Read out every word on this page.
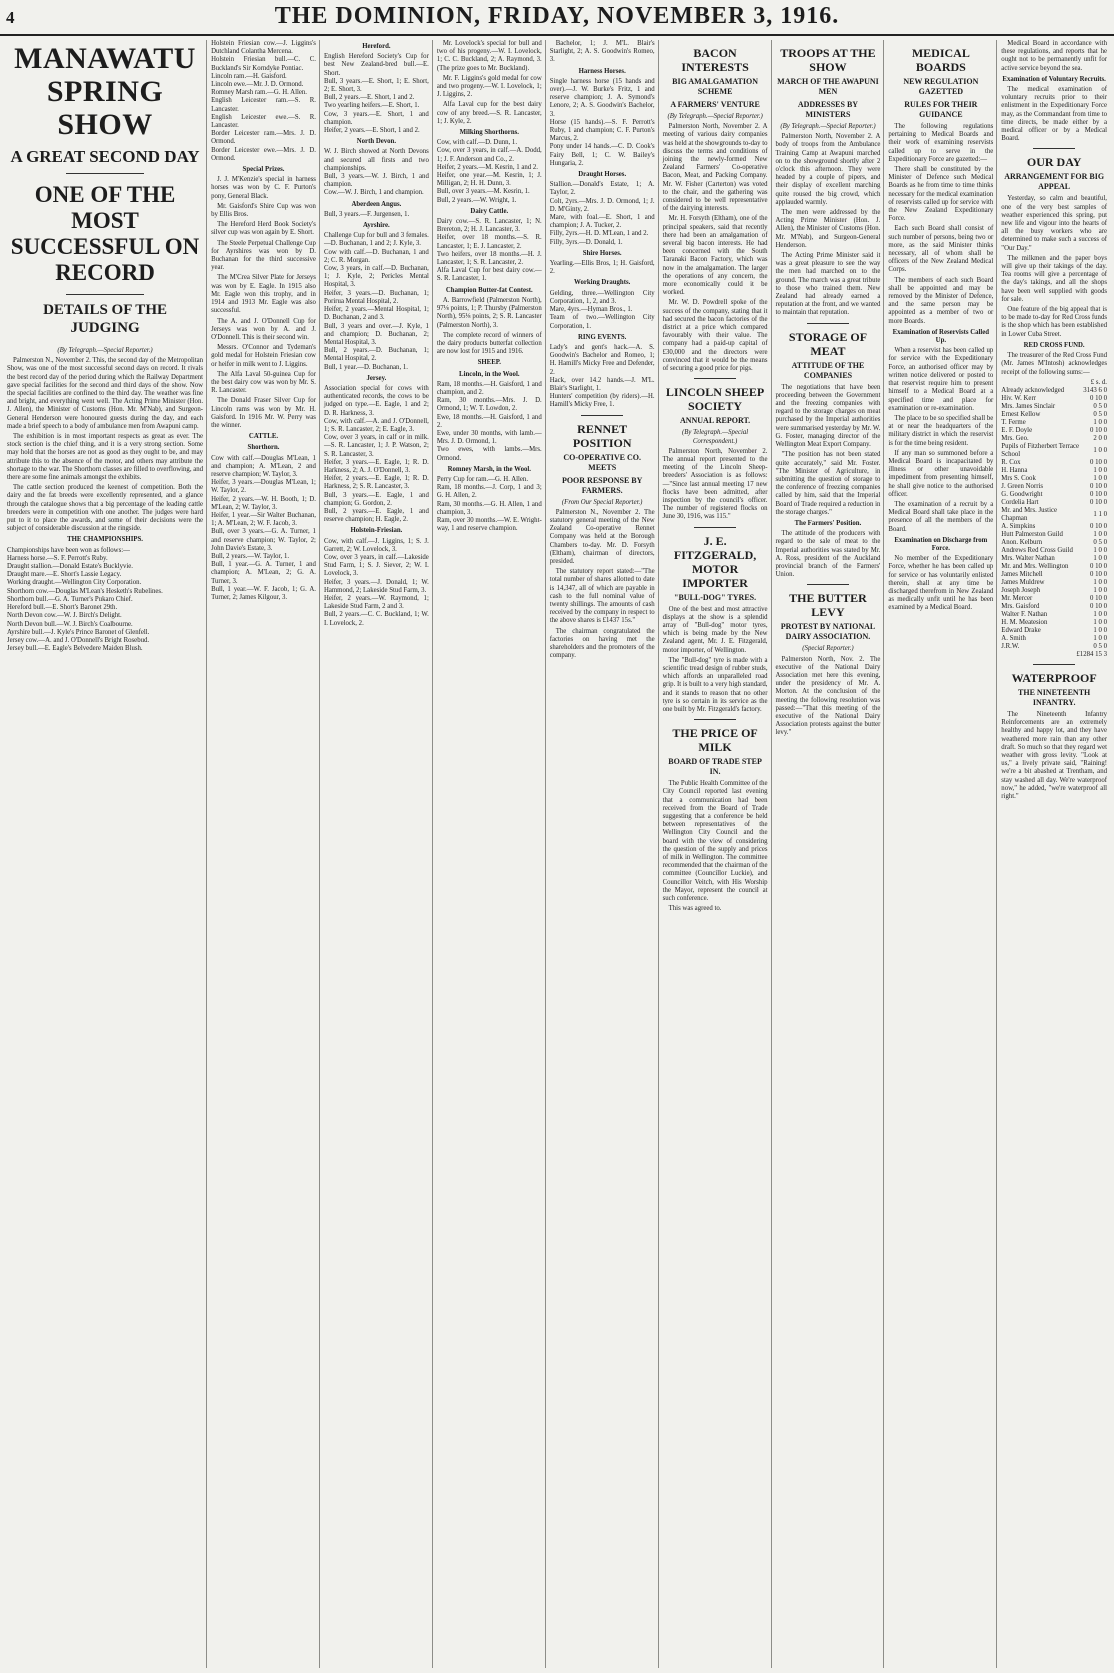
4	THE DOMINION, FRIDAY, NOVEMBER 3, 1916.
MANAWATU SPRING SHOW
A GREAT SECOND DAY
ONE OF THE MOST SUCCESSFUL ON RECORD
DETAILS OF THE JUDGING

(By Telegraph.—Special Reporter.)

Palmerston N., November 2. This, the second day of the Metropolitan Show, was one of the most successful second days on record. It rivals the best record day of the period during which the Railway Department gave special facilities for the second and third days of the show. Now the special facilities are confined to the third day. The weather was fine and bright, and everything went well. The Acting Prime Minister (Hon. J. Allen), the Minister of Customs (Hon. Mr. M'Nab), and Surgeon-General Henderson were honoured guests during the day, and each made a brief speech to a body of ambulance men from Awapuni camp.

The exhibition is in most important respects as great as ever. The stock section is the chief thing, and it is a very strong section. Some may hold that the horses are not as good as they ought to be, and may attribute this to the absence of the motor, and others may attribute the shortage to the war. The Shorthorn classes are filled to overflowing, and there are some fine animals amongst the exhibits.

The cattle section produced the keenest of competition. Both the dairy and the fat breeds were excellently represented, and a glance through the catalogue shows that a big percentage of the leading cattle breeders were in competition with one another. The judges were hard put to it to place the awards, and some of their decisions were the subject of considerable discussion at the ringside.

THE CHAMPIONSHIPS.

Championships have been won as follows:—

Harness horse.—S. F. Perrott's Ruby.

Draught stallion.—Donald Estate's Bucklyvie.

Draught mare.—E. Short's Lassie Legacy.

Working draught.—Wellington City Corporation.

Shorthorn cow.—Douglas M'Lean's Hesketh's Rubelines.

Shorthorn bull.—G. A. Turner's Pukaro Chief.

Hereford bull.—E. Short's Baronet 29th.

North Devon cow.—W. J. Birch's Delight.

North Devon bull.—W. J. Birch's Coalbourne.

Ayrshire bull.—J. Kyle's Prince Baronet of Glenfell.

Jersey cow.—A. and J. O'Donnell's Bright Rosebud.

Jersey bull.—E. Eagle's Belvedere Maiden Blush.

Holstein Friesian cow.—J. Liggins's Dutchland Colantha Mercena.

Holstein Friesian bull.—C. C. Buckland's Sir Korndyke Pontiac.

Lincoln ram.—H. Gaisford.

Lincoln ewe.—Mr. J. D. Ormond.

Romney Marsh ram.—G. H. Allen.

English Leicester ram.—S. R. Lancaster.

English Leicester ewe.—S. R. Lancaster.

Border Leicester ram.—Mrs. J. D. Ormond.

Border Leicester ewe.—Mrs. J. D. Ormond.

Special Prizes.

J. J. M'Kenzie's special in harness horses was won by C. F. Purton's pony, General Black.

Mr. Gaisford's Shire Cup was won by Ellis Bros.

The Hereford Herd Book Society's silver cup was won again by E. Short.

The Steele Perpetual Challenge Cup for Ayrshires was won by D. Buchanan for the third successive year.

The M'Crea Silver Plate for Jerseys was won by E. Eagle. In 1915 also Mr. Eagle won this trophy, and in 1914 and 1913 Mr. Eagle was also successful.

The A. and J. O'Donnell Cup for Jerseys was won by A. and J. O'Donnell. This is their second win.

Messrs. O'Connor and Tydeman's gold medal for Holstein Friesian cow or heifer in milk went to J. Liggins.

The Alfa Laval 50-guinea Cup for the best dairy cow was won by Mr. S. R. Lancaster.

The Donald Fraser Silver Cup for Lincoln rams was won by Mr. H. Gaisford. In 1916 Mr. W. Perry was the winner.

CATTLE.

Shorthorn.

Cow with calf.—Douglas M'Lean, 1 and champion; A. M'Lean, 2 and reserve champion; W. Taylor, 3.

Heifer, 3 years.—Douglas M'Lean, 1; W. Taylor, 2.

Heifer, 2 years.—W. H. Booth, 1; D. M'Lean, 2; W. Taylor, 3.

Heifer, 1 year.—Sir Walter Buchanan, 1; A. M'Lean, 2; W. F. Jacob, 3.

Bull, over 3 years.—G. A. Turner, 1 and reserve champion; W. Taylor, 2; John Davie's Estate, 3.

Bull, 2 years.—W. Taylor, 1.

Bull, 1 year.—G. A. Turner, 1 and champion; A. M'Lean, 2; G. A. Turner, 3.

Bull, 1 year.—W. F. Jacob, 1; G. A. Turner, 2; James Kilgour, 3.

Hereford.

English Hereford Society's Cup for best New Zealand-bred bull.—E. Short.

Bull, 3 years.—E. Short, 1; E. Short, 2; E. Short, 3.

Bull, 2 years.—E. Short, 1 and 2.

Two yearling heifers.—E. Short, 1.

Cow, 3 years.—E. Short, 1 and champion.

Heifer, 2 years.—E. Short, 1 and 2.

North Devon.

W. J. Birch showed at North Devons and secured all firsts and two championships.

Bull, 3 years.—W. J. Birch, 1 and champion.

Cow.—W. J. Birch, 1 and champion.

Aberdeen Angus.

Bull, 3 years.—F. Jurgensen, 1.

Ayrshire.

Challenge Cup for bull and 3 females.—D. Buchanan, 1 and 2; J. Kyle, 3.

Cow with calf.—D. Buchanan, 1 and 2; C. R. Morgan.

Cow, 3 years, in calf.—D. Buchanan, 1; J. Kyle, 2; Pericles Mental Hospital, 3.

Heifer, 3 years.—D. Buchanan, 1; Porirua Mental Hospital, 2.

Heifer, 2 years.—Mental Hospital, 1; D. Buchanan, 2 and 3.

Bull, 3 years and over.—J. Kyle, 1 and champion; D. Buchanan, 2; Mental Hospital, 3.

Bull, 2 years.—D. Buchanan, 1; Mental Hospital, 2.

Bull, 1 year.—D. Buchanan, 1.

Jersey.

Association special for cows with authenticated records, the cows to be judged on type.—E. Eagle, 1 and 2; D. R. Harkness, 3.

Cow, with calf.—A. and J. O'Donnell, 1; S. R. Lancaster, 2; E. Eagle, 3.

Cow, over 3 years, in calf or in milk.—S. R. Lancaster, 1; J. P. Watson, 2; S. R. Lancaster, 3.

Heifer, 3 years.—E. Eagle, 1; R. D. Harkness, 2; A. J. O'Donnell, 3.

Heifer, 2 years.—E. Eagle, 1; R. D. Harkness, 2; S. R. Lancaster, 3.

Bull, 3 years.—E. Eagle, 1 and champion; G. Gordon, 2.

Bull, 2 years.—E. Eagle, 1 and reserve champion; H. Eagle, 2.

Holstein-Friesian.

Cow, with calf.—J. Liggins, 1; S. J. Garrett, 2; W. Lovelock, 3.

Cow, over 3 years, in calf.—Lakeside Stud Farm, 1; S. J. Siever, 2; W. I. Lovelock, 3.

Heifer, 3 years.—J. Donald, 1; W. Hammond, 2; Lakeside Stud Farm, 3.

Heifer, 2 years.—W. Raymond, 1; Lakeside Stud Farm, 2 and 3.

Bull, 2 years.—C. C. Buckland, 1; W. I. Lovelock, 2.

Mr. Lovelock's special for bull and two of his progeny.—W. I. Lovelock, 1; C. C. Buckland, 2; A. Raymond, 3. (The prize goes to Mr. Buckland).

Mr. F. Liggins's gold medal for cow and two progeny.—W. I. Lovelock, 1; J. Liggins, 2.

Alfa Laval cup for the best dairy cow of any breed.—S. R. Lancaster, 1; J. Kyle, 2.

Milking Shorthorns.

Cow, with calf.—D. Dunn, 1.

Cow, over 3 years, in calf.—A. Dodd, 1; J. F. Anderson and Co., 2.

Heifer, 2 years.—M. Kesrin, 1 and 2.

Heifer, one year.—M. Kesrin, 1; J. Milligan, 2; H. H. Dunn, 3.

Bull, over 3 years.—M. Kesrin, 1.

Bull, 2 years.—W. Wright, 1.

Dairy Cattle.

Dairy cow.—S. R. Lancaster, 1; N. Brereton, 2; H. J. Lancaster, 3.

Heifer, over 18 months.—S. R. Lancaster, 1; E. J. Lancaster, 2.

Two heifers, over 18 months.—H. J. Lancaster, 1; S. R. Lancaster, 2.

Alfa Laval Cup for best dairy cow.—S. R. Lancaster, 1.

Champion Butter-fat Contest.

A. Barrowfield (Palmerston North), 97⅛ points, 1; P. Thursby (Palmerston North), 95⅛ points, 2; S. R. Lancaster (Palmerston North), 3.

The complete record of winners of the dairy products butterfat collection are now lost for 1915 and 1916.

SHEEP.

Lincoln, in the Wool.

Ram, 18 months.—H. Gaisford, 1 and champion, and 2.

Ram, 30 months.—Mrs. J. D. Ormond, 1; W. T. Lowdon, 2.

Ewe, 18 months.—H. Gaisford, 1 and 2.

Ewe, under 30 months, with lamb.—Mrs. J. D. Ormond, 1.

Two ewes, with lambs.—Mrs. Ormond.

Romney Marsh, in the Wool.

Perry Cup for ram.—G. H. Allen.

Ram, 18 months.—J. Corp, 1 and 3; G. H. Allen, 2.

Ram, 30 months.—G. H. Allen, 1 and champion, 3.

Ram, over 30 months.—W. E. Wright-way, 1 and reserve champion.

Bachelor, 1; J. M'L. Blair's Starlight, 2; A. S. Goodwin's Romeo, 3.

Harness Horses.

Single harness horse (15 hands and over).—J. W. Burke's Fritz, 1 and reserve champion; J. A. Symond's Lenore, 2; A. S. Goodwin's Bachelor, 3.

Horse (15 hands).—S. F. Perrott's Ruby, 1 and champion; C. F. Purton's Marcus, 2.

Pony under 14 hands.—C. D. Cook's Fairy Bell, 1; C. W. Bailey's Hungaria, 2.

Draught Horses.

Stallion.—Donald's Estate, 1; A. Taylor, 2.

Colt, 2yrs.—Mrs. J. D. Ormond, 1; J. D. M'Ginty, 2.

Mare, with foal.—E. Short, 1 and champion; J. A. Tucker, 2.

Filly, 2yrs.—H. D. M'Lean, 1 and 2.

Filly, 3yrs.—D. Donald, 1.

Shire Horses.

Yearling.—Ellis Bros, 1; H. Gaisford, 2.

Working Draughts.

Gelding, three.—Wellington City Corporation, 1, 2, and 3.

Mare, 4yrs.—Hyman Bros., 1.

Team of two.—Wellington City Corporation, 1.

RING EVENTS.

Lady's and gent's hack.—A. S. Goodwin's Bachelor and Romeo, 1; H. Hamill's Micky Free and Defender, 2.

Hack, over 14.2 hands.—J. M'L. Blair's Starlight, 1.

Hunters' competition (by riders).—H. Hamill's Micky Free, 1.

RENNET POSITION
CO-OPERATIVE CO. MEETS
POOR RESPONSE BY FARMERS.

(From Our Special Reporter.)

Palmerston N., November 2. The statutory general meeting of the New Zealand Co-operative Rennet Company was held at the Borough Chambers to-day. Mr. D. Forsyth (Eltham), chairman of directors, presided.

The statutory report stated:—"The total number of shares allotted to date is 14,347, all of which are payable in cash to the full nominal value of twenty shillings. The amounts of cash received by the company in respect to the above shares is £1437 15s."

The chairman congratulated the factories on having met the shareholders and the promoters of the company.

BACON INTERESTS
BIG AMALGAMATION SCHEME
A FARMERS' VENTURE

(By Telegraph.—Special Reporter.)

Palmerston North, November 2. A meeting of various dairy companies was held at the showgrounds to-day to discuss the terms and conditions of joining the newly-formed New Zealand Farmers' Co-operative Bacon, Meat, and Packing Company. Mr. W. Fisher (Carterton) was voted to the chair, and the gathering was considered to be well representative of the dairying interests.

Mr. H. Forsyth (Eltham), one of the principal speakers, said that recently there had been an amalgamation of several big bacon interests. He had been concerned with the South Taranaki Bacon Factory, which was now in the amalgamation. The larger the operations of any concern, the more economically could it be worked.

Mr. W. D. Powdrell spoke of the success of the company, stating that it had secured the bacon factories of the district at a price which compared favourably with their value. The company had a paid-up capital of £30,000 and the directors were convinced that it would be the means of securing a good price for pigs.

LINCOLN SHEEP SOCIETY
ANNUAL REPORT.

(By Telegraph.—Special Correspondent.)

Palmerston North, November 2. The annual report presented to the meeting of the Lincoln Sheep-breeders' Association is as follows:—"Since last annual meeting 17 new flocks have been admitted, after inspection by the council's officer. The number of registered flocks on June 30, 1916, was 115."

J. E. FITZGERALD, MOTOR IMPORTER
"BULL-DOG" TYRES.

One of the best and most attractive displays at the show is a splendid array of "Bull-dog" motor tyres, which is being made by the New Zealand agent, Mr. J. E. Fitzgerald, motor importer, of Wellington.

The "Bull-dog" tyre is made with a scientific tread design of rubber studs, which affords an unparalleled road grip. It is built to a very high standard, and it stands to reason that no other tyre is so certain in its service as the one built by Mr. Fitzgerald's factory.

THE PRICE OF MILK
BOARD OF TRADE STEP IN.

The Public Health Committee of the City Council reported last evening that a communication had been received from the Board of Trade suggesting that a conference be held between representatives of the Wellington City Council and the board with the view of considering the question of the supply and prices of milk in Wellington. The committee recommended that the chairman of the committee (Councillor Luckie), and Councillor Veitch, with His Worship the Mayor, represent the council at such conference.

This was agreed to.

TROOPS AT THE SHOW
MARCH OF THE AWAPUNI MEN
ADDRESSES BY MINISTERS

(By Telegraph.—Special Reporter.)

Palmerston North, November 2. A body of troops from the Ambulance Training Camp at Awapuni marched on to the showground shortly after 2 o'clock this afternoon. They were headed by a couple of pipers, and their display of excellent marching quite roused the big crowd, which applauded warmly.

The men were addressed by the Acting Prime Minister (Hon. J. Allen), the Minister of Customs (Hon. Mr. M'Nab), and Surgeon-General Henderson.

The Acting Prime Minister said it was a great pleasure to see the way the men had marched on to the ground. The march was a great tribute to those who trained them. New Zealand had already earned a reputation at the front, and we wanted to maintain that reputation.

STORAGE OF MEAT
ATTITUDE OF THE COMPANIES

The negotiations that have been proceeding between the Government and the freezing companies with regard to the storage charges on meat purchased by the Imperial authorities were summarised yesterday by Mr. W. G. Foster, managing director of the Wellington Meat Export Company.

"The position has not been stated quite accurately," said Mr. Foster. "The Minister of Agriculture, in submitting the question of storage to the conference of freezing companies called by him, said that the Imperial Board of Trade required a reduction in the storage charges."

The Farmers' Position.

The attitude of the producers with regard to the sale of meat to the Imperial authorities was stated by Mr. A. Ross, president of the Auckland provincial branch of the Farmers' Union.

THE BUTTER LEVY
PROTEST BY NATIONAL DAIRY ASSOCIATION.

(Special Reporter.)

Palmerston North, Nov. 2. The executive of the National Dairy Association met here this evening, under the presidency of Mr. A. Morton. At the conclusion of the meeting the following resolution was passed:—"That this meeting of the executive of the National Dairy Association protests against the butter levy."

MEDICAL BOARDS
NEW REGULATION GAZETTED
RULES FOR THEIR GUIDANCE

The following regulations pertaining to Medical Boards and their work of examining reservists called up to serve in the Expeditionary Force are gazetted:—

There shall be constituted by the Minister of Defence such Medical Boards as he from time to time thinks necessary for the medical examination of reservists called up for service with the New Zealand Expeditionary Force.

Each such Board shall consist of such number of persons, being two or more, as the said Minister thinks necessary, all of whom shall be officers of the New Zealand Medical Corps.

The members of each such Board shall be appointed and may be removed by the Minister of Defence, and the same person may be appointed as a member of two or more Boards.

Examination of Reservists Called Up.

When a reservist has been called up for service with the Expeditionary Force, an authorised officer may by written notice delivered or posted to that reservist require him to present himself to a Medical Board at a specified time and place for examination or re-examination.

The place to be so specified shall be at or near the headquarters of the military district in which the reservist is for the time being resident.

If any man so summoned before a Medical Board is incapacitated by illness or other unavoidable impediment from presenting himself, he shall give notice to the authorised officer.

The examination of a recruit by a Medical Board shall take place in the presence of all the members of the Board.

Examination on Discharge from Force.

No member of the Expeditionary Force, whether he has been called up for service or has voluntarily enlisted therein, shall at any time be discharged therefrom in New Zealand as medically unfit until he has been examined by a Medical Board.

Medical Board in accordance with these regulations, and reports that he ought not to be permanently unfit for active service beyond the sea.

Examination of Voluntary Recruits.

The medical examination of voluntary recruits prior to their enlistment in the Expeditionary Force may, as the Commandant from time to time directs, be made either by a medical officer or by a Medical Board.

OUR DAY
ARRANGEMENT FOR BIG APPEAL

Yesterday, so calm and beautiful, one of the very best samples of weather experienced this spring, put new life and vigour into the hearts of all the busy workers who are determined to make such a success of "Our Day."

The milkmen and the paper boys will give up their takings of the day. Tea rooms will give a percentage of the day's takings, and all the shops have been well supplied with goods for sale.

One feature of the big appeal that is to be made to-day for Red Cross funds is the shop which has been established in Lower Cuba Street.

RED CROSS FUND.

The treasurer of the Red Cross Fund (Mr. James M'Intosh) acknowledges receipt of the following sums:—

	£ s. d.
Already acknowledged	3143 6 0
Hiv. W. Kerr	0 10 0
Mrs. James Sinclair	0 5 0
Ernest Kellow	0 5 0
T. Ferme	1 0 0
E. F. Doyle	0 10 0
Mrs. Geo.	2 0 0
Pupils of Fitzherbert Terrace School	1 0 0
R. Cox	0 10 0
H. Hanna	1 0 0
Mrs S. Cook	1 0 0
J. Green Norris	0 10 0
G. Goodwright	0 10 0
Cordelia Hart	0 10 0
Mr. and Mrs. Justice Chapman	1 1 0
A. Simpkins	0 10 0
Hutt Palmerston Guild	1 0 0
Anon. Kelburn	0 5 0
Andrews Red Cross Guild	1 0 0
Mrs. Walter Nathan	1 0 0
Mr. and Mrs. Wellington	0 10 0
James Mitchell	0 10 0
James Muldrew	1 0 0
Joseph Joseph	1 0 0
Mr. Mercer	0 10 0
Mrs. Gaisford	0 10 0
Walter F. Nathan	1 0 0
H. M. Meatesion	1 0 0
Edward Drake	1 0 0
A. Smith	1 0 0
J.R.W.	0 5 0

£1284 15 3

WATERPROOF
THE NINETEENTH INFANTRY.

The Nineteenth Infantry Reinforcements are an extremely healthy and happy lot, and they have weathered more rain than any other draft. So much so that they regard wet weather with gross levity. "Look at us," a lively private said, "Raining! we're a bit abashed at Trentham, and stay washed all day. We're waterproof now," he added, "we're waterproof all right."
